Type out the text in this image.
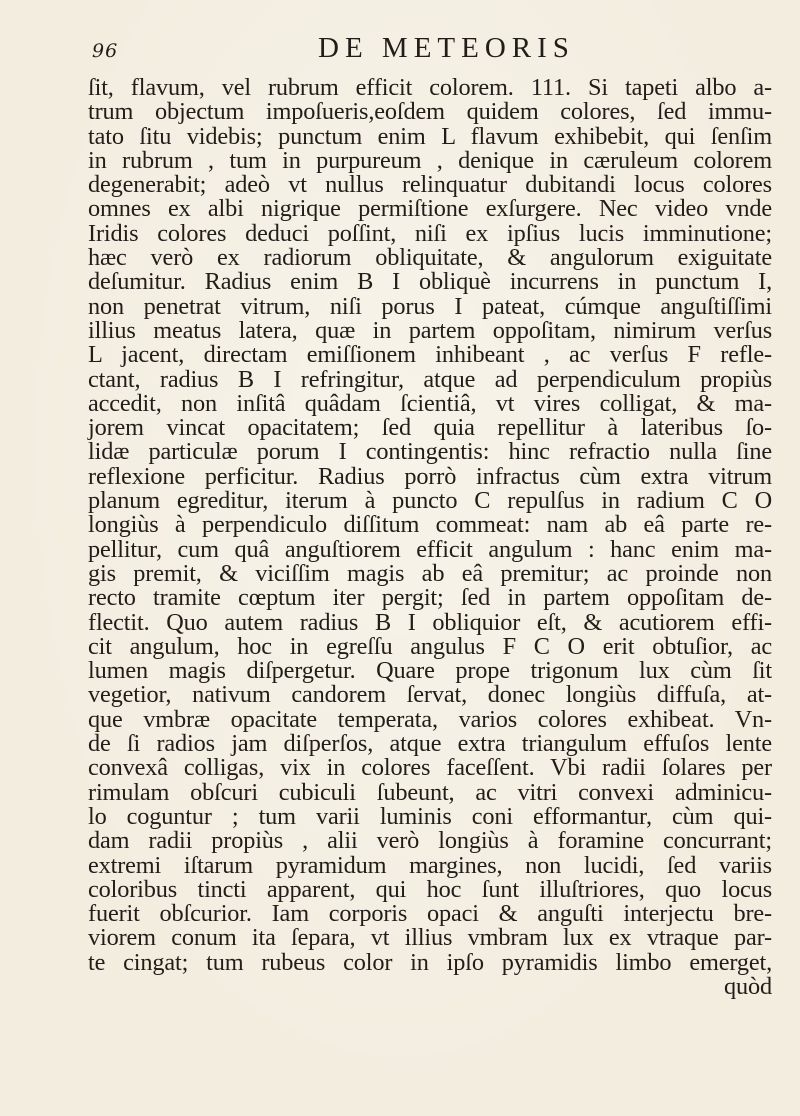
96	DE METEORIS
ſit, flavum, vel rubrum efficit colorem. 111. Si tapeti albo a-
trum objectum impoſueris,eoſdem quidem colores, ſed immu-
tato ſitu videbis; punctum enim L flavum exhibebit, qui ſenſim
in rubrum , tum in purpureum , denique in cæruleum colorem
degenerabit; adeò vt nullus relinquatur dubitandi locus colores
omnes ex albi nigrique permiſtione exſurgere. Nec video vnde
Iridis colores deduci poſſint, niſi ex ipſius lucis imminutione;
hæc verò ex radiorum obliquitate, & angulorum exiguitate
deſumitur. Radius enim B I obliquè incurrens in punctum I,
non penetrat vitrum, niſi porus I pateat, cúmque anguſtiſſimi
illius meatus latera, quæ in partem oppoſitam, nimirum verſus
L jacent, directam emiſſionem inhibeant , ac verſus F refle-
ctant, radius B I refringitur, atque ad perpendiculum propiùs
accedit, non inſitâ quâdam ſcientiâ, vt vires colligat, & ma-
jorem vincat opacitatem; ſed quia repellitur à lateribus ſo-
lidæ particulæ porum I contingentis: hinc refractio nulla ſine
reflexione perficitur. Radius porrò infractus cùm extra vitrum
planum egreditur, iterum à puncto C repulſus in radium C O
longiùs à perpendiculo diſſitum commeat: nam ab eâ parte re-
pellitur, cum quâ anguſtiorem efficit angulum : hanc enim ma-
gis premit, & viciſſim magis ab eâ premitur; ac proinde non
recto tramite cœptum iter pergit; ſed in partem oppoſitam de-
flectit. Quo autem radius B I obliquior eſt, & acutiorem effi-
cit angulum, hoc in egreſſu angulus F C O erit obtuſior, ac
lumen magis diſpergetur. Quare prope trigonum lux cùm ſit
vegetior, nativum candorem ſervat, donec longiùs diffuſa, at-
que vmbræ opacitate temperata, varios colores exhibeat. Vn-
de ſi radios jam diſperſos, atque extra triangulum effuſos lente
convexâ colligas, vix in colores faceſſent. Vbi radii ſolares per
rimulam obſcuri cubiculi ſubeunt, ac vitri convexi adminicu-
lo coguntur ; tum varii luminis coni efformantur, cùm qui-
dam radii propiùs , alii verò longiùs à foramine concurrant;
extremi iſtarum pyramidum margines, non lucidi, ſed variis
coloribus tincti apparent, qui hoc ſunt illuſtriores, quo locus
fuerit obſcurior. Iam corporis opaci & anguſti interjectu bre-
viorem conum ita ſepara, vt illius vmbram lux ex vtraque par-
te cingat; tum rubeus color in ipſo pyramidis limbo emerget,
quòd
